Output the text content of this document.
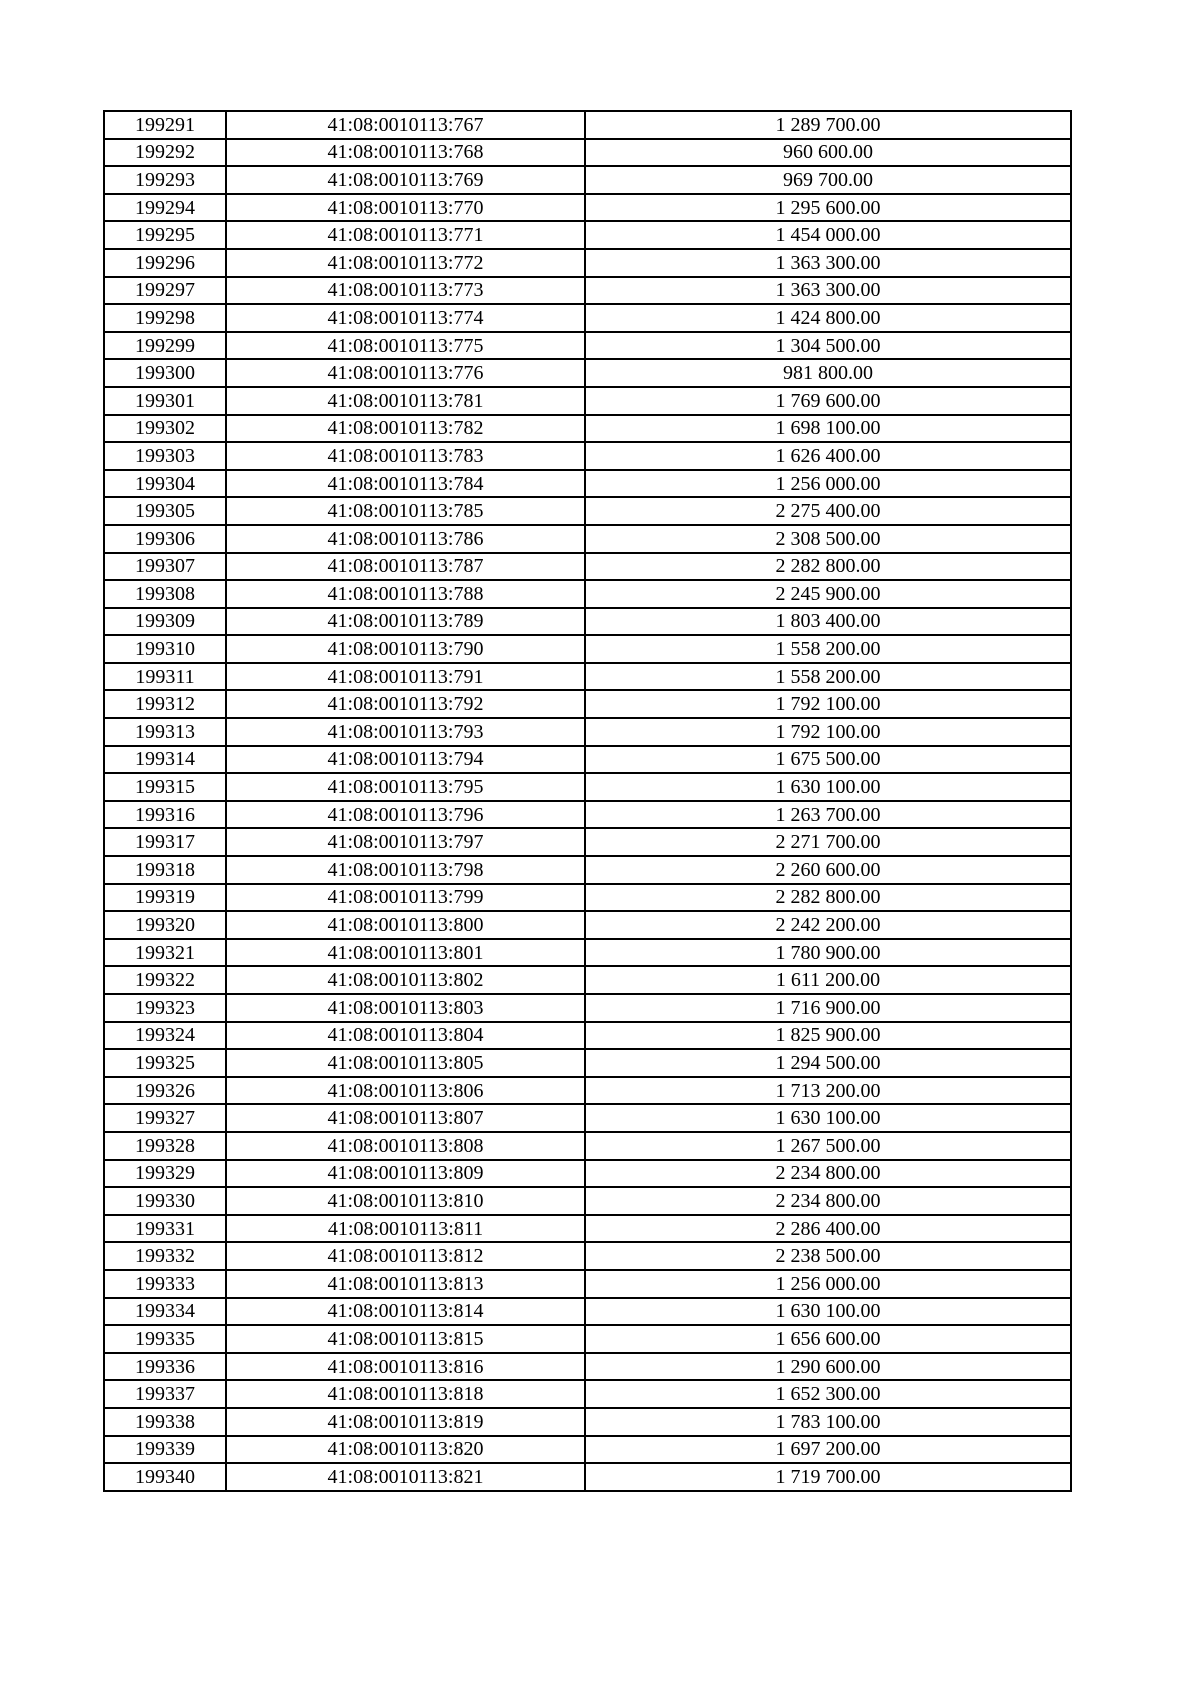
199291	41:08:0010113:767	1 289 700.00
199292	41:08:0010113:768	960 600.00
199293	41:08:0010113:769	969 700.00
199294	41:08:0010113:770	1 295 600.00
199295	41:08:0010113:771	1 454 000.00
199296	41:08:0010113:772	1 363 300.00
199297	41:08:0010113:773	1 363 300.00
199298	41:08:0010113:774	1 424 800.00
199299	41:08:0010113:775	1 304 500.00
199300	41:08:0010113:776	981 800.00
199301	41:08:0010113:781	1 769 600.00
199302	41:08:0010113:782	1 698 100.00
199303	41:08:0010113:783	1 626 400.00
199304	41:08:0010113:784	1 256 000.00
199305	41:08:0010113:785	2 275 400.00
199306	41:08:0010113:786	2 308 500.00
199307	41:08:0010113:787	2 282 800.00
199308	41:08:0010113:788	2 245 900.00
199309	41:08:0010113:789	1 803 400.00
199310	41:08:0010113:790	1 558 200.00
199311	41:08:0010113:791	1 558 200.00
199312	41:08:0010113:792	1 792 100.00
199313	41:08:0010113:793	1 792 100.00
199314	41:08:0010113:794	1 675 500.00
199315	41:08:0010113:795	1 630 100.00
199316	41:08:0010113:796	1 263 700.00
199317	41:08:0010113:797	2 271 700.00
199318	41:08:0010113:798	2 260 600.00
199319	41:08:0010113:799	2 282 800.00
199320	41:08:0010113:800	2 242 200.00
199321	41:08:0010113:801	1 780 900.00
199322	41:08:0010113:802	1 611 200.00
199323	41:08:0010113:803	1 716 900.00
199324	41:08:0010113:804	1 825 900.00
199325	41:08:0010113:805	1 294 500.00
199326	41:08:0010113:806	1 713 200.00
199327	41:08:0010113:807	1 630 100.00
199328	41:08:0010113:808	1 267 500.00
199329	41:08:0010113:809	2 234 800.00
199330	41:08:0010113:810	2 234 800.00
199331	41:08:0010113:811	2 286 400.00
199332	41:08:0010113:812	2 238 500.00
199333	41:08:0010113:813	1 256 000.00
199334	41:08:0010113:814	1 630 100.00
199335	41:08:0010113:815	1 656 600.00
199336	41:08:0010113:816	1 290 600.00
199337	41:08:0010113:818	1 652 300.00
199338	41:08:0010113:819	1 783 100.00
199339	41:08:0010113:820	1 697 200.00
199340	41:08:0010113:821	1 719 700.00
